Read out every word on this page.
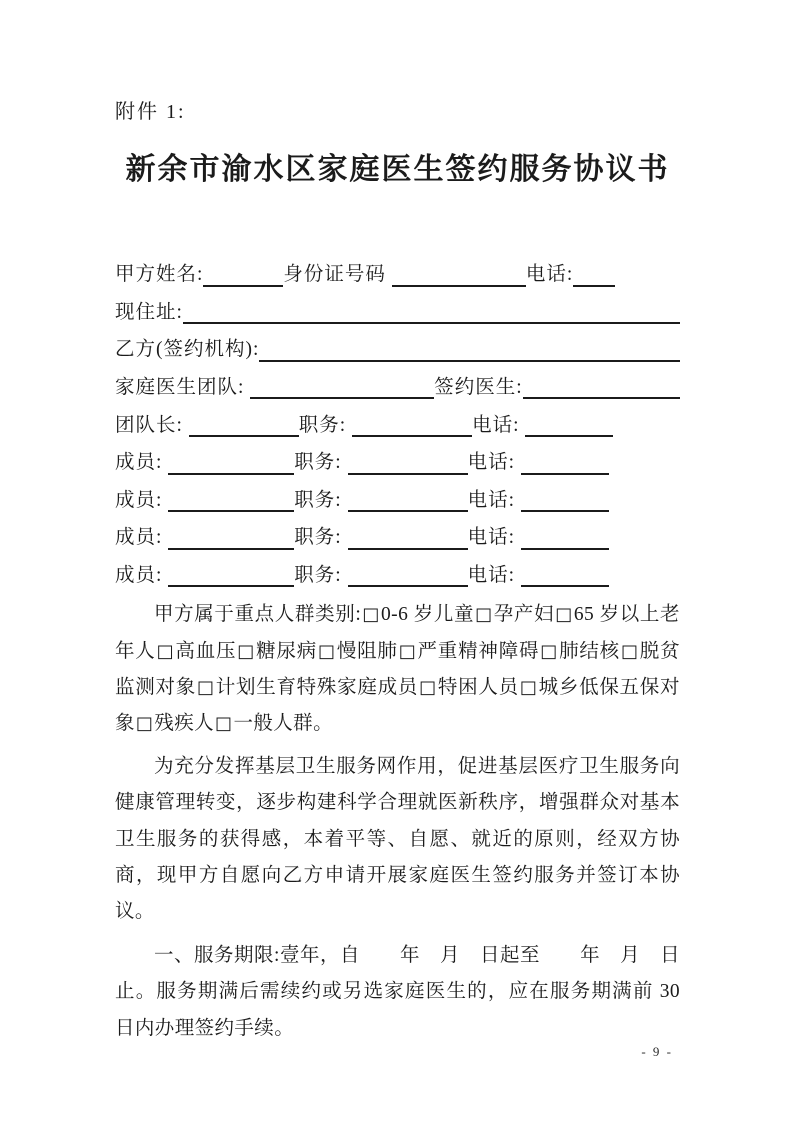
附件 1:
新余市渝水区家庭医生签约服务协议书
甲方姓名:	身份证号码	电话:
现住址:
乙方(签约机构):
家庭医生团队:	签约医生:
团队长:	职务:	电话:
成员:	职务:	电话:
成员:	职务:	电话:
成员:	职务:	电话:
成员:	职务:	电话:

甲方属于重点人群类别:□0-6 岁儿童□孕产妇□65 岁以上老年人□高血压□糖尿病□慢阻肺□严重精神障碍□肺结核□脱贫监测对象□计划生育特殊家庭成员□特困人员□城乡低保五保对象□残疾人□一般人群。

为充分发挥基层卫生服务网作用，促进基层医疗卫生服务向健康管理转变，逐步构建科学合理就医新秩序，增强群众对基本卫生服务的获得感，本着平等、自愿、就近的原则，经双方协商，现甲方自愿向乙方申请开展家庭医生签约服务并签订本协议。

一、服务期限:壹年，自　　年　月　日起至　　年　月　日止。服务期满后需续约或另选家庭医生的，应在服务期满前 30 日内办理签约手续。

- 9 -
